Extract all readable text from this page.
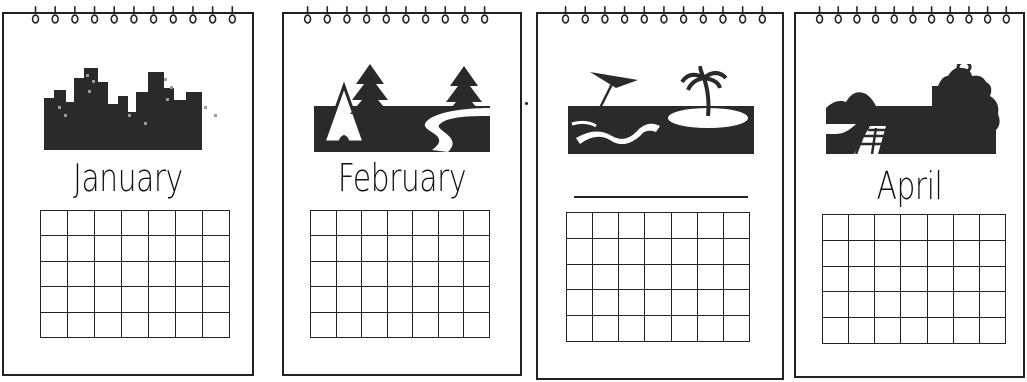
January

							February

							April
